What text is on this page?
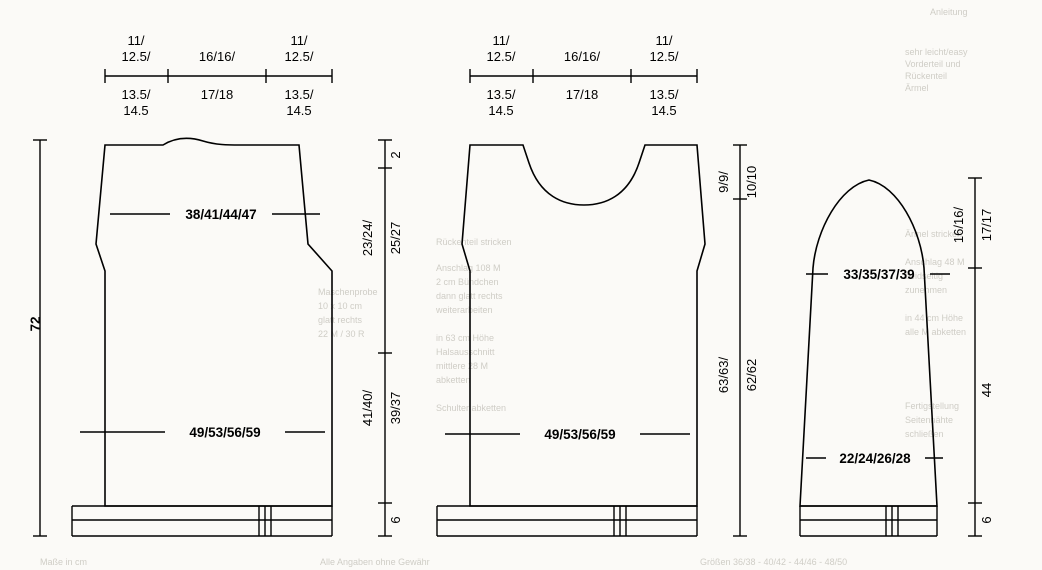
Anleitung
sehr leicht/easy
Vorderteil und
Rückenteil
Ärmel
Maschenprobe
10 x 10 cm
glatt rechts
22 M / 30 R
Rückenteil stricken
Anschlag 108 M
2 cm Bündchen
dann glatt rechts
weiterarbeiten
in 63 cm Höhe
Halsausschnitt
mittlere 28 M
abketten
Schulter abketten
Ärmel stricken
Anschlag 48 M
beidseitig
zunehmen
in 44 cm Höhe
alle M abketten
Fertigstellung
Seitennähte
schließen
Maße in cm	Alle Angaben ohne Gewähr	Größen 36/38 - 40/42 - 44/46 - 48/50
11/
12.5/
13.5/
14.5
16/16/
17/18
11/
12.5/
13.5/
14.5
38/41/44/47
49/53/56/59
72
11/
12.5/
13.5/
14.5
16/16/
17/18
11/
12.5/
13.5/
14.5
49/53/56/59
2
23/24/ 25/27
41/40/ 39/37
6
9/9/ 10/10
63/63/ 62/62
33/35/37/39
22/24/26/28
16/16/ 17/17
44
6
